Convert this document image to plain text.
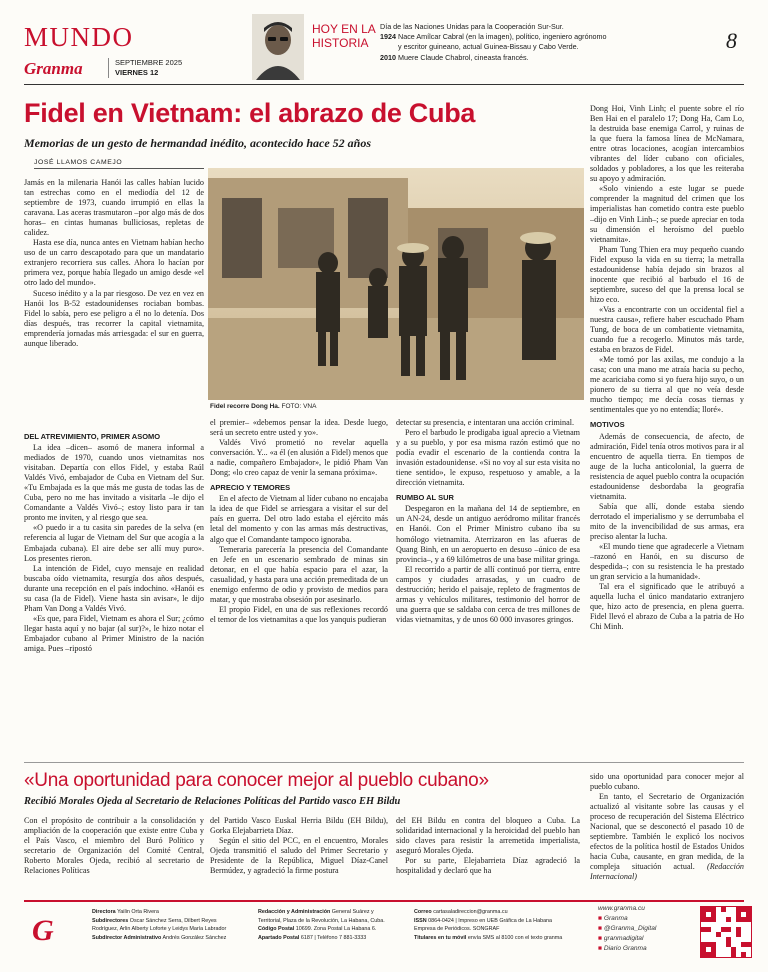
MUNDO
Granma	SEPTIEMBRE 2025
VIERNES 12
HOY EN LA
HISTORIA
Día de las Naciones Unidas para la Cooperación Sur-Sur.
1924 Nace Amílcar Cabral (en la imagen), político, ingeniero agrónomo
y escritor guineano, actual Guinea-Bissau y Cabo Verde.
2010 Muere Claude Chabrol, cineasta francés.
8
Fidel en Vietnam: el abrazo de Cuba
Memorias de un gesto de hermandad inédito, acontecido hace 52 años
JOSÉ LLAMOS CAMEJO

Jamás en la milenaria Hanói las calles habían lucido tan estrechas como en el mediodía del 12 de septiembre de 1973, cuando irrumpió en ellas la caravana. Las aceras trasmutaron –por algo más de dos horas– en cintas humanas bulliciosas, repletas de calidez.

Hasta ese día, nunca antes en Vietnam habían hecho uso de un carro descapotado para que un mandatario extranjero recorriera sus calles. Ahora lo hacían por primera vez, porque había llegado un amigo desde «el otro lado del mundo».

Suceso inédito y a la par riesgoso. De vez en vez en Hanói los B-52 estadounidenses rociaban bombas. Fidel lo sabía, pero ese peligro a él no lo detenía. Dos días después, tras recorrer la capital vietnamita, emprendería jornadas más arriesgada: el sur en guerra, aunque liberado.

Fidel recorre Dong Ha. FOTO: VNA
DEL ATREVIMIENTO, PRIMER ASOMO

La idea –dicen– asomó de manera informal a mediados de 1970, cuando unos vietnamitas nos visitaban. Departía con ellos Fidel, y estaba Raúl Valdés Vivó, embajador de Cuba en Vietnam del Sur. «Tu Embajada es la que más me gusta de todas las de Cuba, pero no me has invitado a visitarla –le dijo el Comandante a Valdés Vivó–; estoy listo para ir tan pronto me inviten, y al riesgo que sea.

«O puedo ir a tu casita sin paredes de la selva (en referencia al lugar de Vietnam del Sur que acogía a la Embajada cubana). El aire debe ser allí muy puro». Los presentes rieron.

La intención de Fidel, cuyo mensaje en realidad buscaba oído vietnamita, resurgía dos años después, durante una recepción en el país indochino. «Hanói es su casa (la de Fidel). Viene hasta sin avisar», le dijo Pham Van Dong a Valdés Vivó.

«Es que, para Fidel, Vietnam es ahora el Sur; ¿cómo llegar hasta aquí y no bajar (al sur)?», le hizo notar el Embajador cubano al Primer Ministro de la nación amiga. Pues –ripostó

el premier– «debemos pensar la idea. Desde luego, será un secreto entre usted y yo».

Valdés Vivó prometió no revelar aquella conversación. Y... «a él (en alusión a Fidel) menos que a nadie, compañero Embajador», le pidió Pham Van Dong; «lo creo capaz de venir la semana próxima».

APRECIO Y TEMORES

En el afecto de Vietnam al líder cubano no encajaba la idea de que Fidel se arriesgara a visitar el sur del país en guerra. Del otro lado estaba el ejército más letal del momento y con las armas más destructivas, algo que el Comandante tampoco ignoraba.

Temeraria parecería la presencia del Comandante en Jefe en un escenario sembrado de minas sin detonar, en el que había espacio para el azar, la casualidad, y hasta para una acción premeditada de un enemigo enfermo de odio y provisto de medios para matar, y que mostraba obsesión por asesinarlo.

El propio Fidel, en una de sus reflexiones recordó el temor de los vietnamitas a que los yanquis pudieran

detectar su presencia, e intentaran una acción criminal.

Pero el barbudo le prodigaba igual aprecio a Vietnam y a su pueblo, y por esa misma razón estimó que no podía evadir el escenario de la contienda contra la invasión estadounidense. «Si no voy al sur esta visita no tiene sentido», le expuso, respetuoso y amable, a la dirección vietnamita.

RUMBO AL SUR

Despegaron en la mañana del 14 de septiembre, en un AN-24, desde un antiguo aeródromo militar francés en Hanói. Con el Primer Ministro cubano iba su homólogo vietnamita. Aterrizaron en las afueras de Quang Binh, en un aeropuerto en desuso –único de esa provincia–, y a 69 kilómetros de una base militar gringa.

El recorrido a partir de allí continuó por tierra, entre campos y ciudades arrasadas, y un cuadro de destrucción; herido el paisaje, repleto de fragmentos de armas y vehículos militares, testimonio del horror de una guerra que se saldaba con cerca de tres millones de vidas vietnamitas, y de unos 60 000 invasores gringos.

Dong Hoi, Vinh Linh; el puente sobre el río Ben Hai en el paralelo 17; Dong Ha, Cam Lo, la destruida base enemiga Carrol, y ruinas de la que fuera la famosa línea de McNamara, entre otras locaciones, acogían intercambios vibrantes del líder cubano con oficiales, soldados y pobladores, a los que les reiteraba su apoyo y admiración.

«Solo viniendo a este lugar se puede comprender la magnitud del crimen que los imperialistas han cometido contra este pueblo –dijo en Vinh Linh–; se puede apreciar en toda su dimensión el heroísmo del pueblo vietnamita».

Pham Tung Thien era muy pequeño cuando Fidel expuso la vida en su tierra; la metralla estadounidense había dejado sin brazos al inocente que recibió al barbudo el 16 de septiembre, suceso del que la prensa local se hizo eco.

«Vas a encontrarte con un occidental fiel a nuestra causa», refiere haber escuchado Pham Tung, de boca de un combatiente vietnamita, cuando fue a recogerlo. Minutos más tarde, estaba en brazos de Fidel.

«Me tomó por las axilas, me condujo a la casa; con una mano me atraía hacia su pecho, me acariciaba como si yo fuera hijo suyo, o un pionero de su tierra al que no veía desde mucho tiempo; me decía cosas tiernas y sentimentales que yo no entendía; lloré».

MOTIVOS

Además de consecuencia, de afecto, de admiración, Fidel tenía otros motivos para ir al encuentro de aquella tierra. En tiempos de auge de la lucha anticolonial, la guerra de resistencia de aquel pueblo contra la ocupación estadounidense desbordaba la geografía vietnamita.

Sabía que allí, donde estaba siendo derrotado el imperialismo y se derrumbaba el mito de la invencibilidad de sus armas, era preciso alentar la lucha.

«El mundo tiene que agradecerle a Vietnam –razonó en Hanói, en su discurso de despedida–; con su resistencia le ha prestado un gran servicio a la humanidad».

Tal era el significado que le atribuyó a aquella lucha el único mandatario extranjero que, hizo acto de presencia, en plena guerra. Fidel llevó el abrazo de Cuba a la patria de Ho Chi Minh.

«Una oportunidad para conocer mejor al pueblo cubano»
Recibió Morales Ojeda al Secretario de Relaciones Políticas del Partido vasco EH Bildu

Con el propósito de contribuir a la consolidación y ampliación de la cooperación que existe entre Cuba y el País Vasco, el miembro del Buró Político y secretario de Organización del Comité Central, Roberto Morales Ojeda, recibió al secretario de Relaciones Políticas

del Partido Vasco Euskal Herria Bildu (EH Bildu), Gorka Elejabarrieta Díaz.

Según el sitio del PCC, en el encuentro, Morales Ojeda transmitió el saludo del Primer Secretario y Presidente de la República, Miguel Díaz-Canel Bermúdez, y agradeció la firme postura

del EH Bildu en contra del bloqueo a Cuba. La solidaridad internacional y la heroicidad del pueblo han sido claves para resistir la arremetida imperialista, aseguró Morales Ojeda.

Por su parte, Elejabarrieta Díaz agradeció la hospitalidad y declaró que ha

sido una oportunidad para conocer mejor al pueblo cubano.

En tanto, el Secretario de Organización actualizó al visitante sobre las causas y el proceso de recuperación del Sistema Eléctrico Nacional, que se desconectó el pasado 10 de septiembre. También le explicó los nocivos efectos de la política hostil de Estados Unidos hacia Cuba, causante, en gran medida, de la compleja situación actual. (Redacción Internacional)

G
Directora Yailin Orta Rivera
Subdirectores Oscar Sánchez Serra, Dilbert Reyes
Rodríguez, Arlin Alberty Loforte y Leidys María Labrador
Subdirector Administrativo Andrés González Sánchez
Redacción y Administración General Suárez y
Territorial, Plaza de la Revolución, La Habana, Cuba.
Código Postal 10699. Zona Postal La Habana 6.
Apartado Postal 6187 | Teléfono 7 881-3333
Correo cartasaladireccion@granma.cu
ISSN 0864-0424 | Impreso en UEB Gráfica de La Habana
Empresa de Periódicos. SONGRAF
Titulares en tu móvil envía SMS al 8100 con el texto granma
www.granma.cu
■ Granma
■ @Granma_Digital
■ granmadigital
■ Diario Granma
